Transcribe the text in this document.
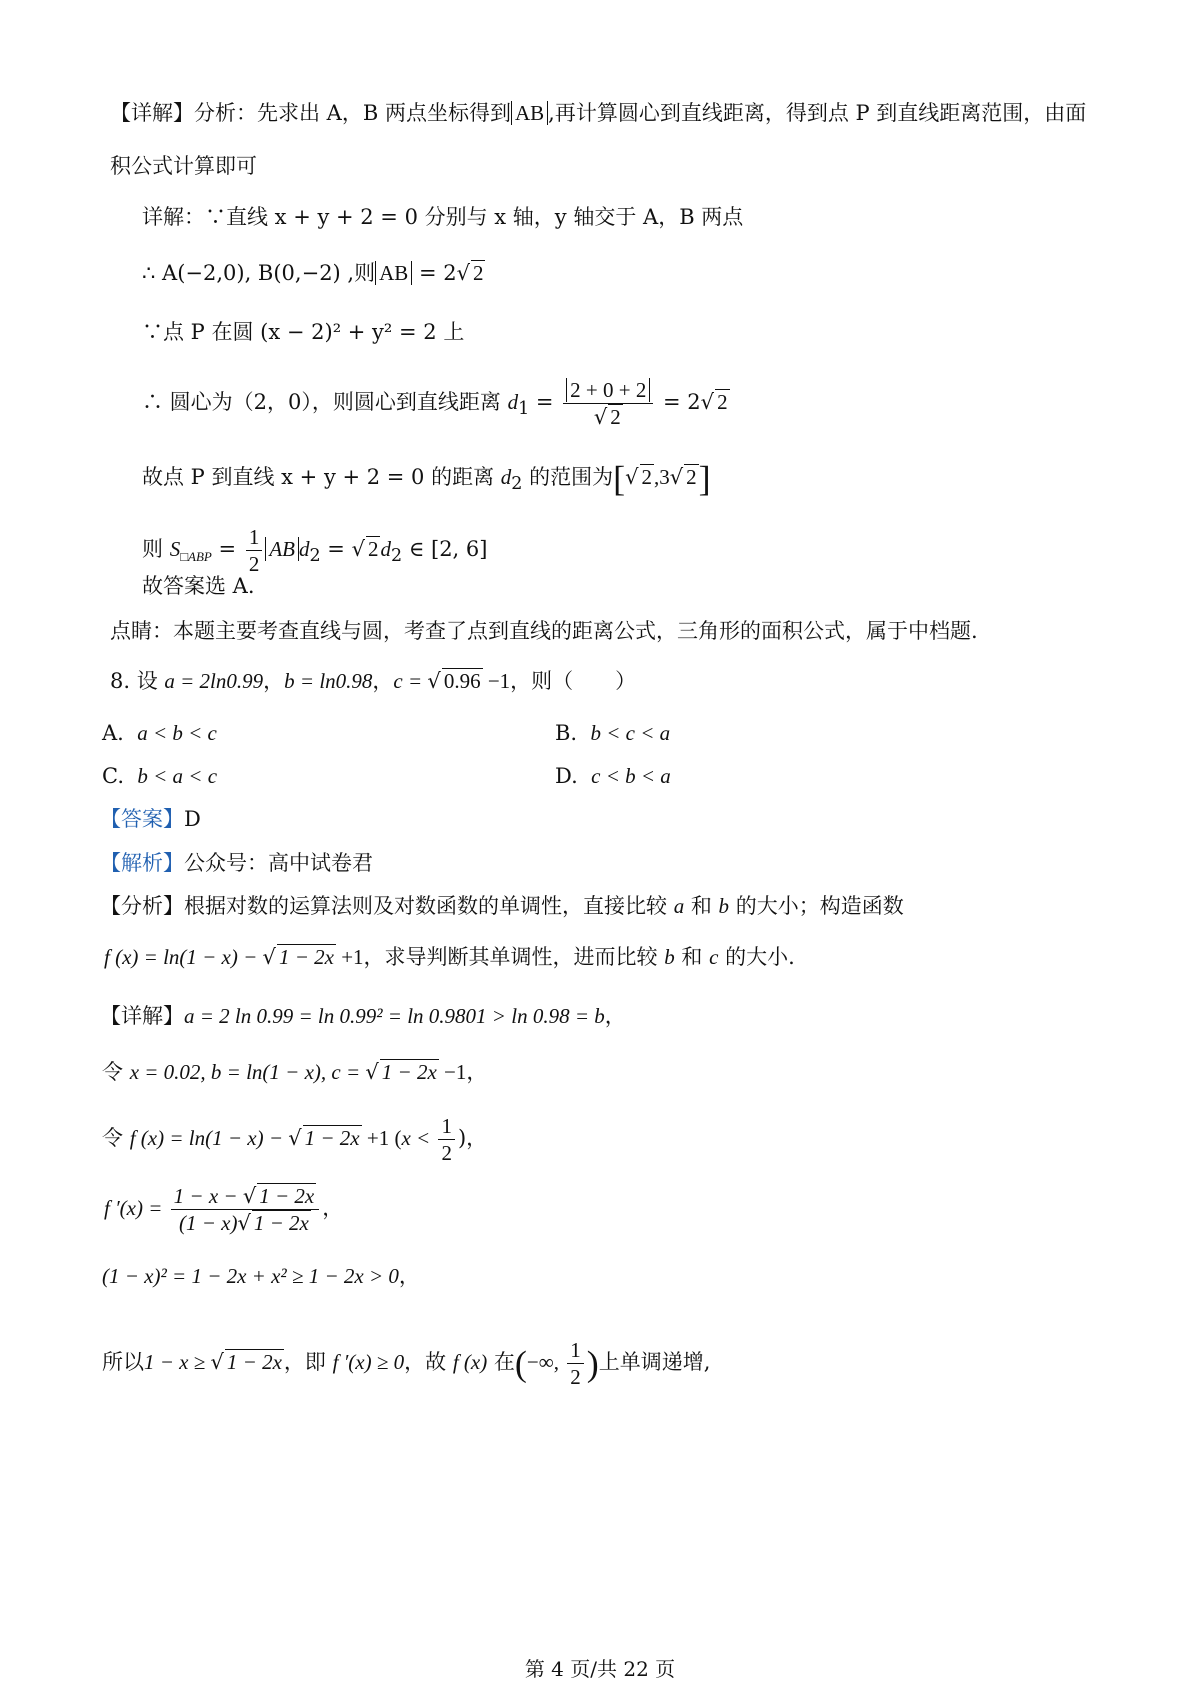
【详解】分析：先求出 A，B 两点坐标得到 AB ,再计算圆心到直线距离，得到点 P 到直线距离范围，由面
积公式计算即可
详解：∵直线 x + y + 2 = 0 分别与 x 轴，y 轴交于 A，B 两点
∴ A(−2,0), B(0,−2) ,则 AB = 2√ 2
∵点 P 在圆 (x − 2)² + y² = 2 上
∴ 圆心为（2，0），则圆心到直线距离 $d_1 = \frac{2 + 0 + 2}{√ 2} = 2√$ 2
故点 P 到直线 x + y + 2 = 0 的距离 $d_2$ 的范围为[√ 2,3√ 2]
则 $S_{□ABP} = \frac{1}{2}$ AB $d_2$ = √ $2d_2$ ∈ [2, 6]
故答案选 A.
点睛：本题主要考查直线与圆，考查了点到直线的距离公式，三角形的面积公式，属于中档题.
8. 设 a = 2ln0.99，b = ln0.98，c = √ 0.96 −1，则（　　）
A. a < b < c	B. b < c < a
C. b < a < c	D. c < b < a
【答案】D
【解析】公众号：高中试卷君
【分析】根据对数的运算法则及对数函数的单调性，直接比较 a 和 b 的大小；构造函数
f (x) = ln(1 − x) − √ 1 − 2x +1，求导判断其单调性，进而比较 b 和 c 的大小.
【详解】a = 2 ln 0.99 = ln 0.99² = ln 0.9801 > ln 0.98 = b，
令 x = 0.02, b = ln(1 − x), c = √ 1 − 2x −1，
令 f (x) = ln(1 − x) − √ 1 − 2x +1 ($x < \frac{1}{2}$ )，
f $'(x) = \frac{1 - x - √ 1 - 2x}{(1 - x)√ 1 - 2x}$ ，
(1 − x)² = 1 − 2x + x² ≥ 1 − 2x > 0，
所以1 − x ≥ √ 1 − 2x，即 f ′(x) ≥ 0，故 f (x) 在(−∞, $\frac{1}{2}$ )上单调递增,
第 4 页/共 22 页
